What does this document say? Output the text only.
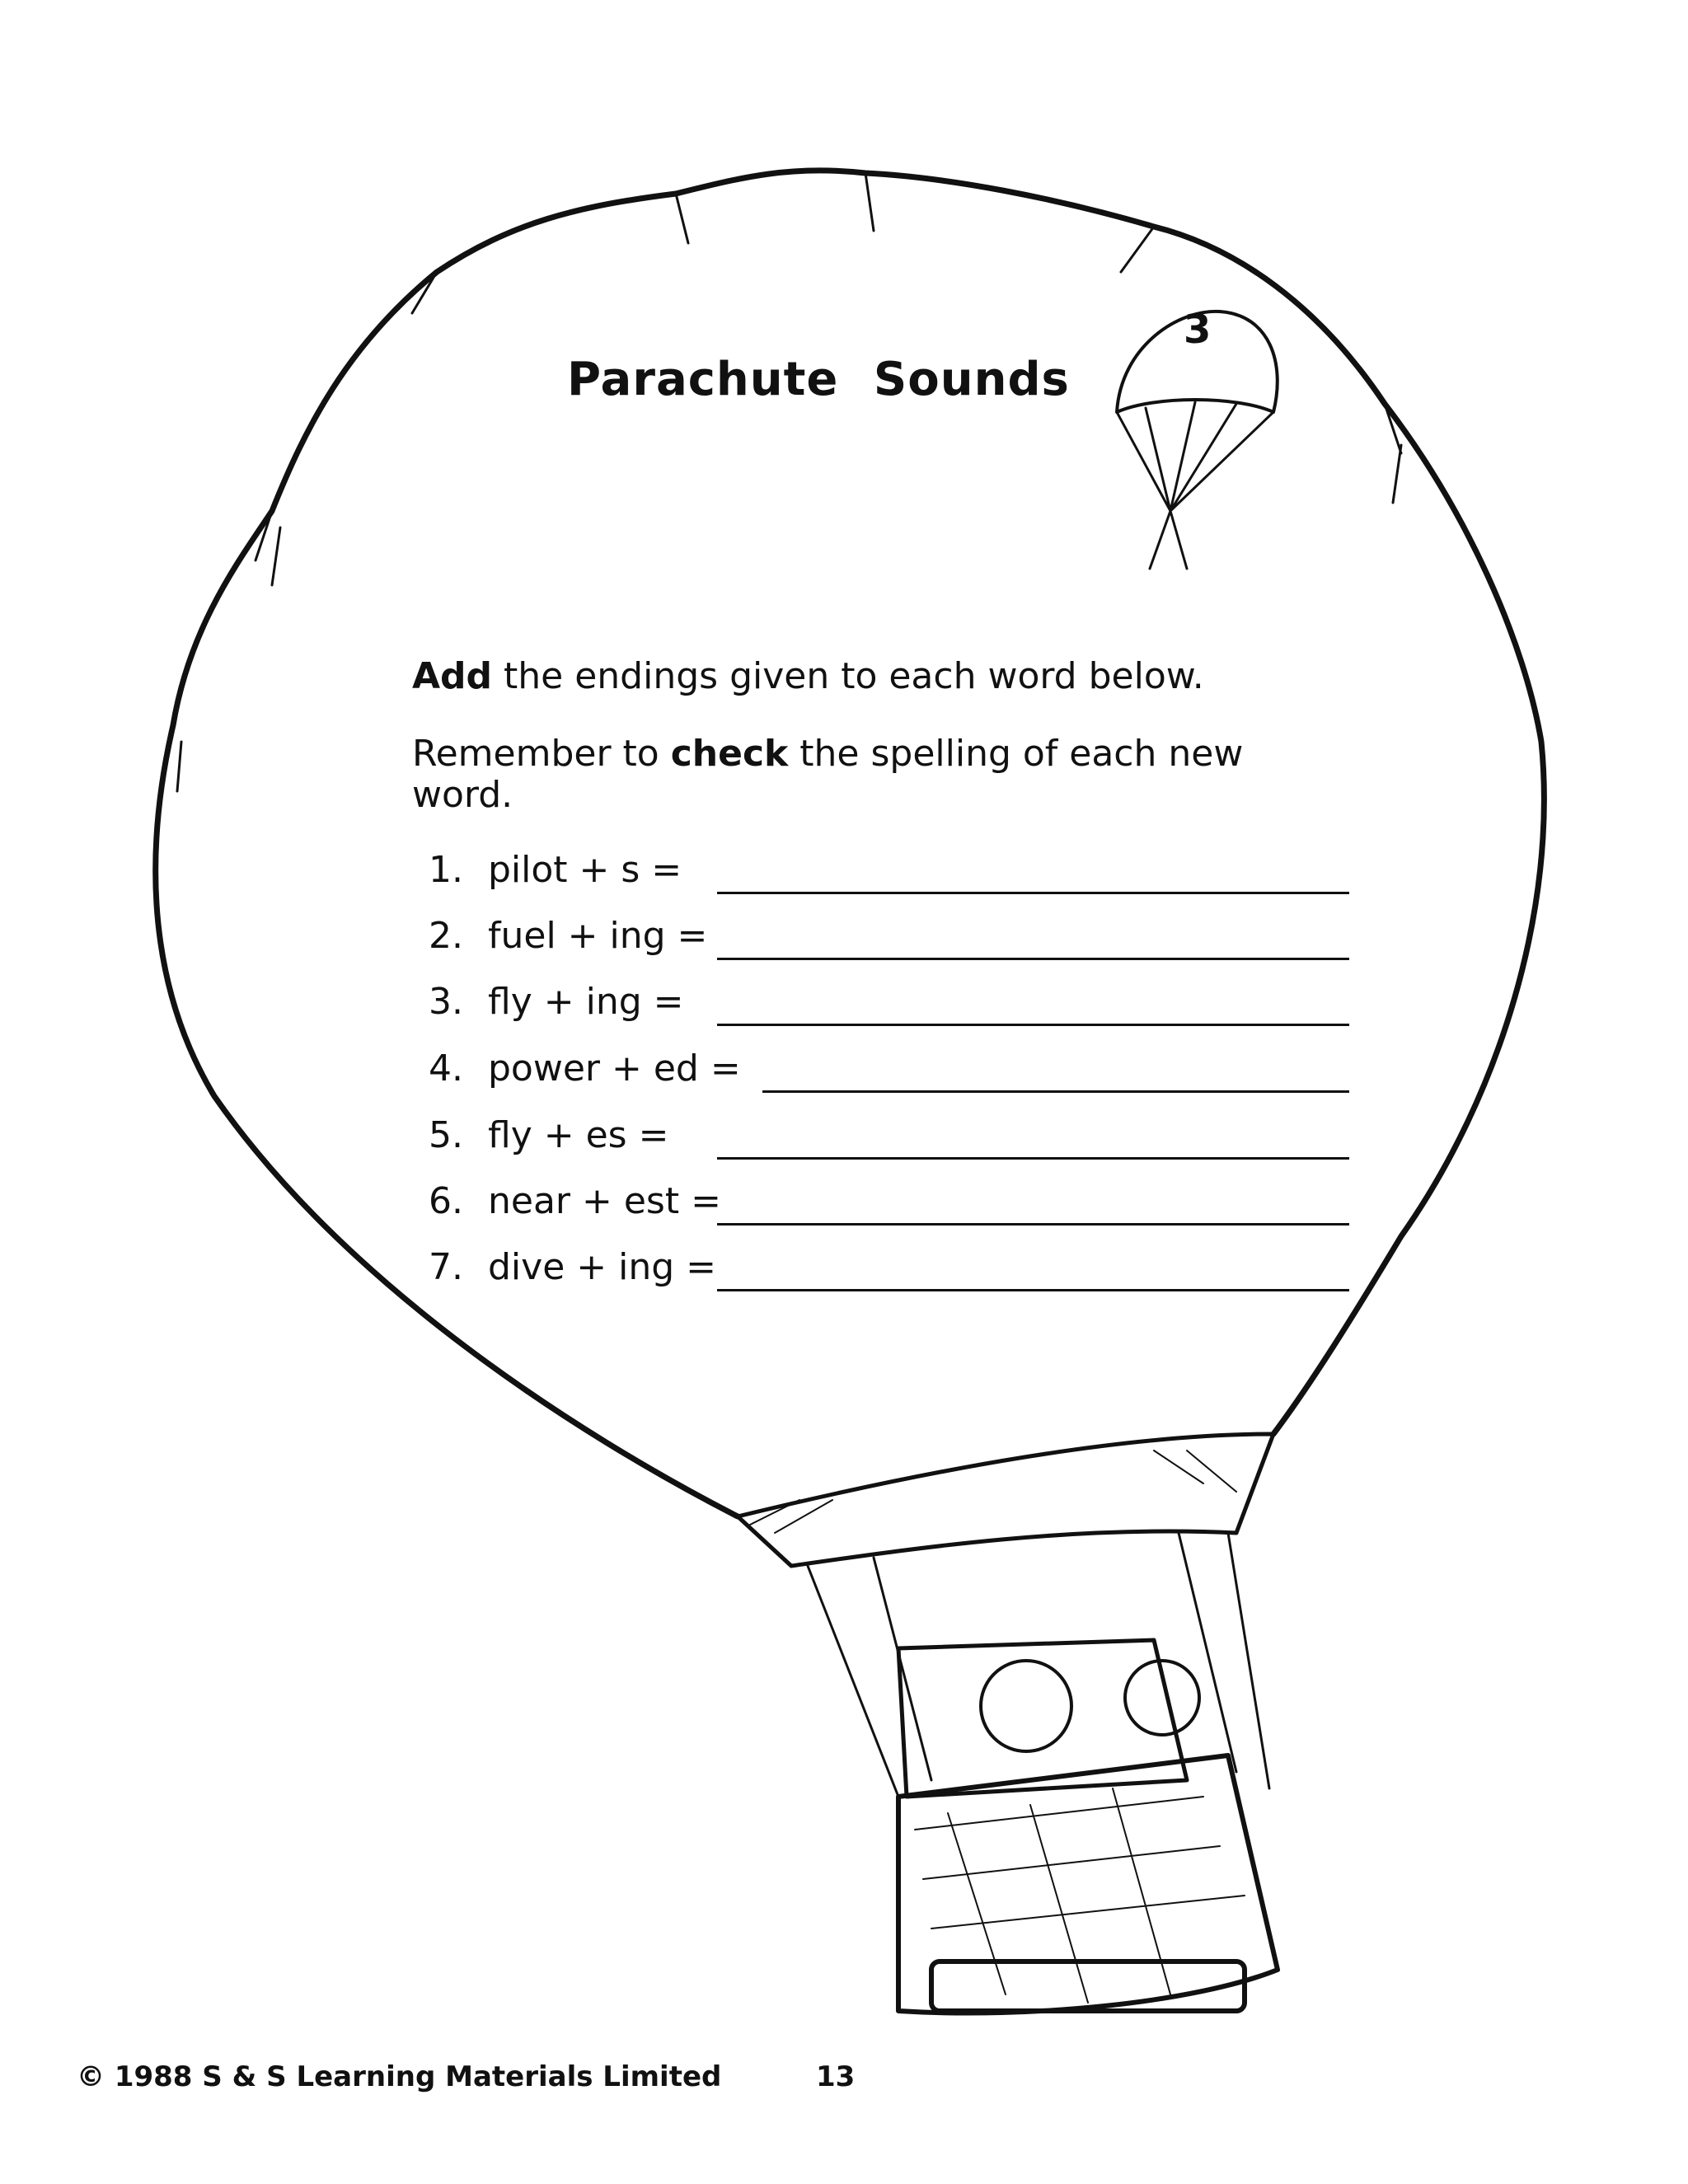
Parachute Sounds
3
Add the endings given to each word below.
Remember to check the spelling of each new word.
1. pilot + s =
2. fuel + ing =
3. fly + ing =
4. power + ed =
5. fly + es =
6. near + est =
7. dive + ing =
© 1988 S & S Learning Materials Limited	13
